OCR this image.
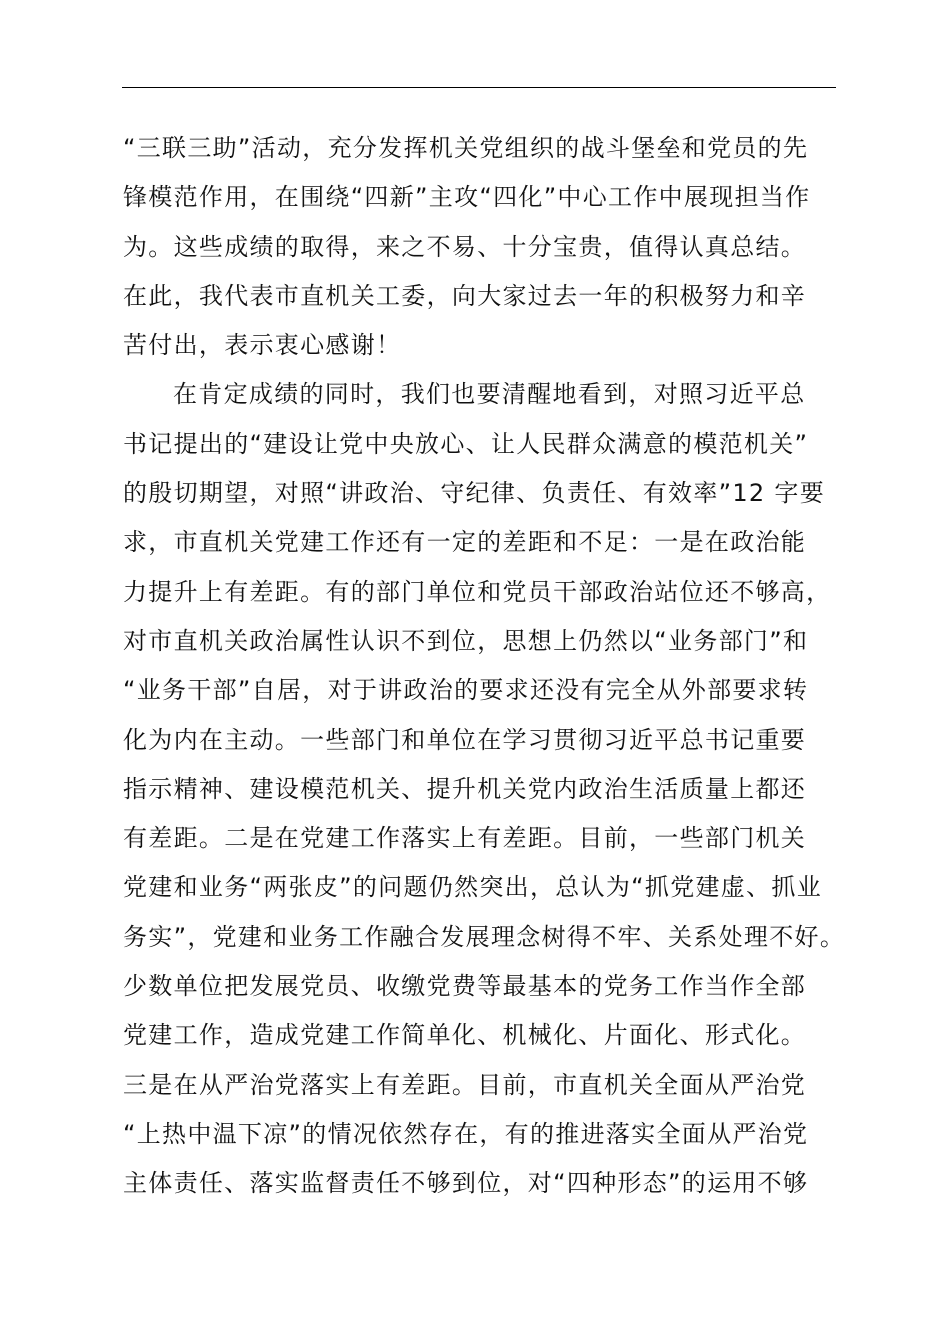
“三联三助”活动，充分发挥机关党组织的战斗堡垒和党员的先
锋模范作用，在围绕“四新”主攻“四化”中心工作中展现担当作
为。这些成绩的取得，来之不易、十分宝贵，值得认真总结。
在此，我代表市直机关工委，向大家过去一年的积极努力和辛
苦付出，表示衷心感谢！
在肯定成绩的同时，我们也要清醒地看到，对照习近平总
书记提出的“建设让党中央放心、让人民群众满意的模范机关”
的殷切期望，对照“讲政治、守纪律、负责任、有效率”12 字要
求，市直机关党建工作还有一定的差距和不足：一是在政治能
力提升上有差距。有的部门单位和党员干部政治站位还不够高，
对市直机关政治属性认识不到位，思想上仍然以“业务部门”和
“业务干部”自居，对于讲政治的要求还没有完全从外部要求转
化为内在主动。一些部门和单位在学习贯彻习近平总书记重要
指示精神、建设模范机关、提升机关党内政治生活质量上都还
有差距。二是在党建工作落实上有差距。目前，一些部门机关
党建和业务“两张皮”的问题仍然突出，总认为“抓党建虚、抓业
务实”，党建和业务工作融合发展理念树得不牢、关系处理不好。
少数单位把发展党员、收缴党费等最基本的党务工作当作全部
党建工作，造成党建工作简单化、机械化、片面化、形式化。
三是在从严治党落实上有差距。目前，市直机关全面从严治党
“上热中温下凉”的情况依然存在，有的推进落实全面从严治党
主体责任、落实监督责任不够到位，对“四种形态”的运用不够
